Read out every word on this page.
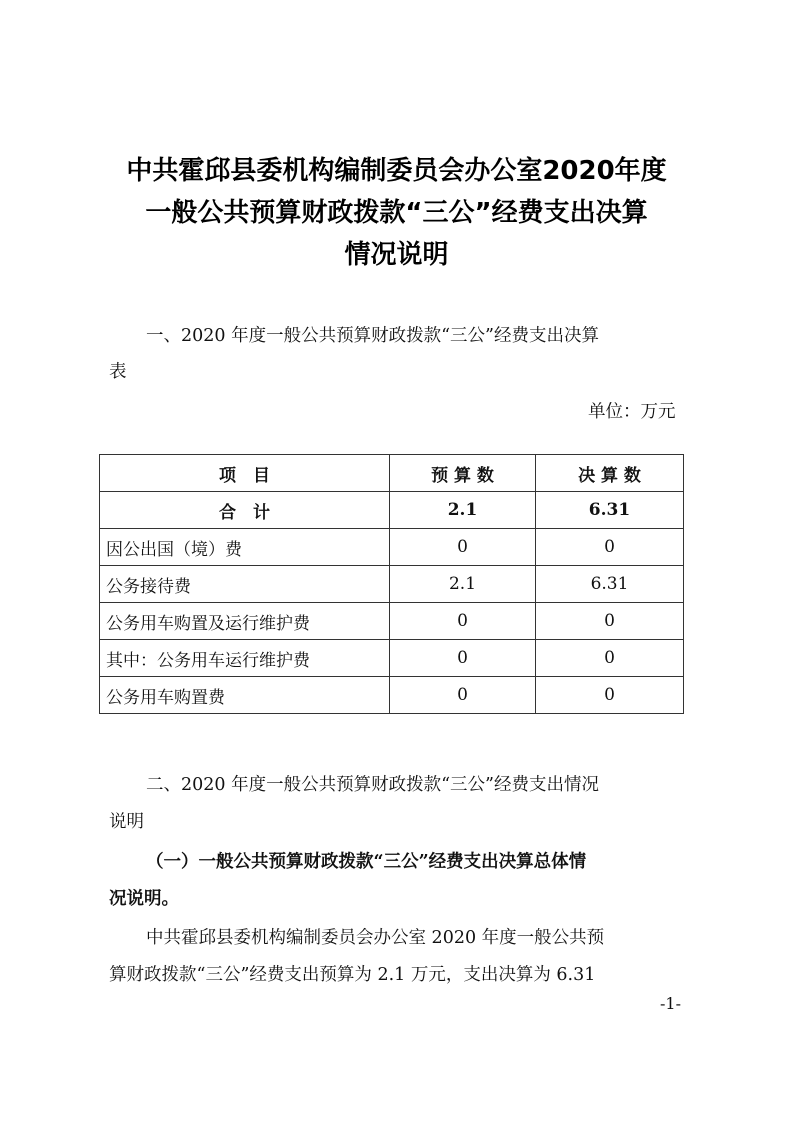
中共霍邱县委机构编制委员会办公室2020年度
一般公共预算财政拨款“三公”经费支出决算
情况说明
一、2020 年度一般公共预算财政拨款“三公”经费支出决算
表
单位：万元
项　目	预 算 数	决 算 数
合　计	2.1	6.31
因公出国（境）费	0	0
公务接待费	2.1	6.31
公务用车购置及运行维护费	0	0
其中：公务用车运行维护费	0	0
公务用车购置费	0	0
二、2020 年度一般公共预算财政拨款“三公”经费支出情况
说明
（一）一般公共预算财政拨款“三公”经费支出决算总体情
况说明。
中共霍邱县委机构编制委员会办公室 2020 年度一般公共预
算财政拨款“三公”经费支出预算为 2.1 万元，支出决算为 6.31
-1-
